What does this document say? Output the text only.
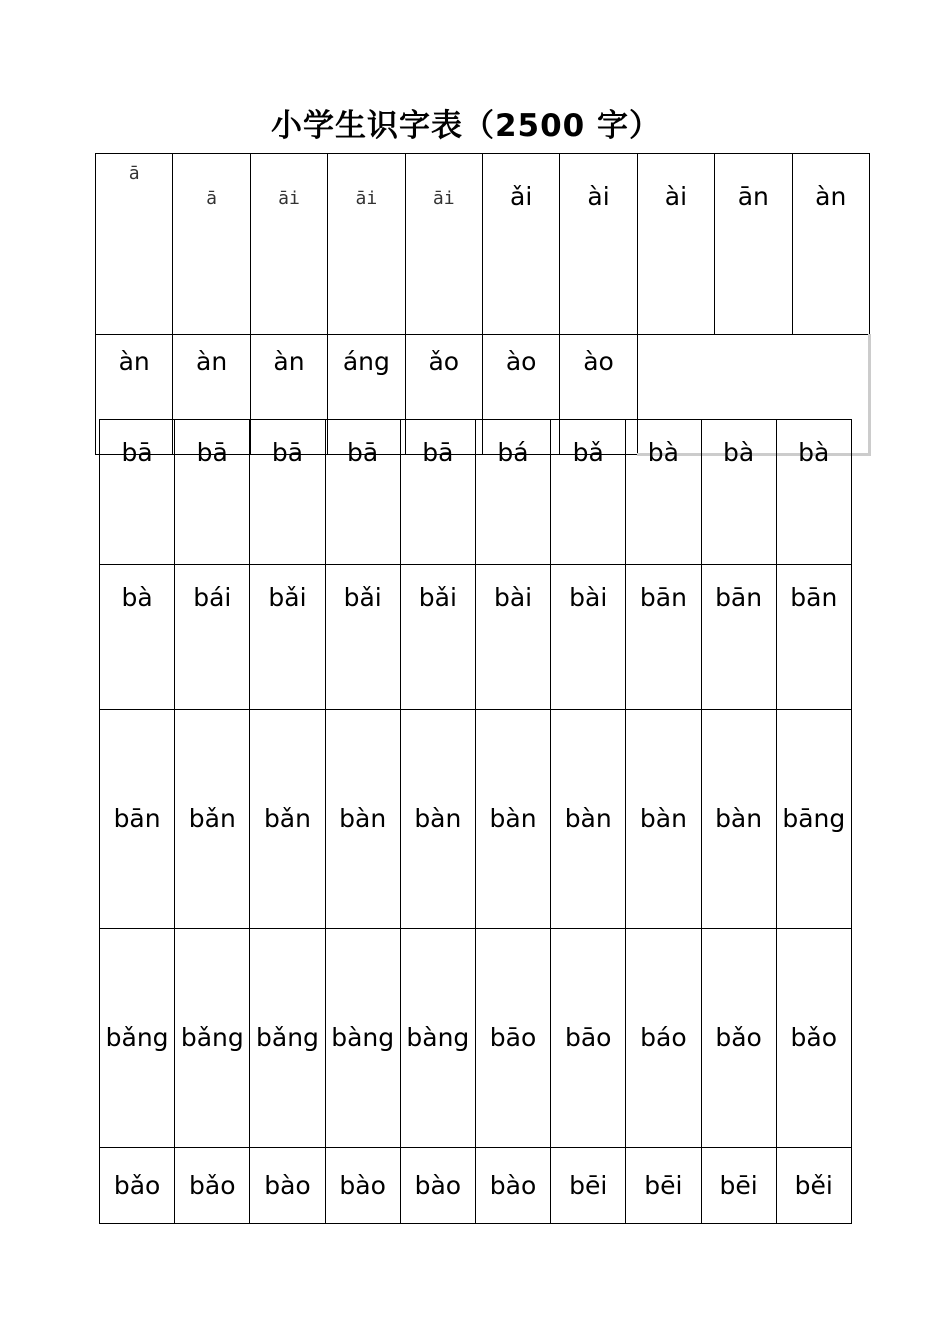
小学生识字表（2500 字）
ā	ā	āi	āi	āi	ǎi	ài	ài	ān	àn
àn	àn	àn	áng	ǎo	ào	ào			
bā	bā	bā	bā	bā	bá	bǎ	bà	bà	bà
bà	bái	bǎi	bǎi	bǎi	bài	bài	bān	bān	bān
bān	bǎn	bǎn	bàn	bàn	bàn	bàn	bàn	bàn	bāng
bǎng	bǎng	bǎng	bàng	bàng	bāo	bāo	báo	bǎo	bǎo
bǎo	bǎo	bào	bào	bào	bào	bēi	bēi	bēi	běi
